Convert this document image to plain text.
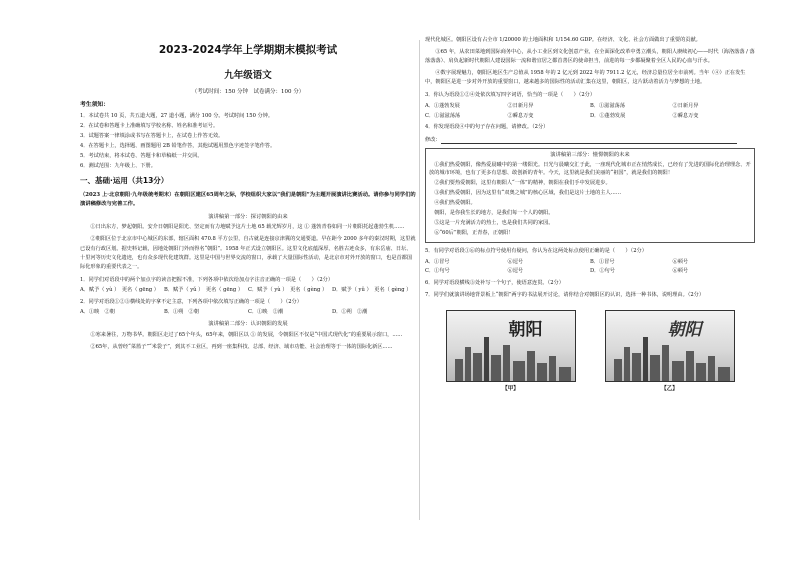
2023-2024学年上学期期末模拟考试
九年级语文
（考试时间：150 分钟　试卷满分：100 分）
考生须知：
1．本试卷共 10 页，共五道大题，27 道小题，满分 100 分。考试时间 150 分钟。
2．在试卷和答题卡上准确填写学校名称、姓名和准考证号。
3．试题答案一律填涂或书写在答题卡上，在试卷上作答无效。
4．在答题卡上，选择题、画图题用 2B 铅笔作答，其他试题用黑色字迹签字笔作答。
5．考试结束，将本试卷、答题卡和草稿纸一并交回。
6．测试范围：九年级上、下册。
一、基础·运用（共13分）
（2023 上·北京朝阳·九年级统考期末）在朝阳区建区65周年之际，学校组织大家以“我们是朝阳”为主题开展演讲比赛活动。请你参与同学们的演讲稿修改与完善工作。
演讲稿第一部分：探讨朝阳的由来
①日出东方，梦起朝阳。安介日朝阳是阳光、坚定而有力地赋予这片土地 65 载光辉岁月，这 ① 蓬勃青春如同一片朝阳托起蓬勃生机……
②朝阳区位于北京市中心城区的东部，辖区面积 470.8 平方公里，自古就是连接京津冀的交通要道。早在距今 2000 多年的秦汉时期，这里就已设有行政区划。据史料记载，因地处朝阳门外而得名“朝阳”。1958 年正式设立朝阳区。这里文化底蕴深厚，名胜古迹众多，有东岳庙、日坛、十里河等历史文化遗迹，也有众多现代化建筑群。这里是中国与世界交流的窗口，承载了大量国际性活动，是北京市对外开放的窗口，也是首都国际化形象的重要代表之一。
1．同学们对语段中的两个加点字的读音把握不准，下列各项中依次给加点字注音正确的一项是（　　）（2分）
A．赋予（ yù ）　更名（ gēng ） B．赋予（ yǔ ）　更名（ gēng ） C．赋予（ yù ）　更名（ gèng ） D．赋予（ yǔ ）　更名（ gèng ）
2．同学对语段①②③横线处的字拿不定主意，下列各项中依次填写正确的一项是（　　）（2分）
A．①映　②朝	B．①朔　②朝	C．①映　②潮	D．①朔　②潮
演讲稿第二部分：认识朝阳的发展
①寒来暑往，万物书华。朝阳区走过了65个年头，65年来，朝阳区以 ① 的发展，令朝阳区不仅是“中国式现代化”的重要展示窗口，......
②65年，从曾经“菜篮子”“米袋子”，到其不工业区，再到一座集科技、总部、经济、域市功能、社会治理等于一体的国际化新区......
现代化城区。朝阳区设有占全市 1/20000 的土地面积和 1/154.60 GDP。在经济、文化、社会方面做出了重要的贡献。
③65 年，从农田菜地到国际商务中心，从小工业区到文化创意产业，在全面深化改革中勇立潮头，朝阳人赓续初心——时代（海洛落落 / 落落落落）、肩负起新时代朝阳人建设国际一流和谐宜居之都首善区的使命担当，前进的每一步都凝聚着全区人民的心血与汗水。
④数字展现魅力，朝阳区地区生产总值从 1958 年的 2 亿元到 2022 年的 7911.2 亿元，经济总量位居全市前列。当年（④）正在发生中，朝阳区是进一步对外开放的重要窗口，越来越多的国际性的活动汇集在这里，朝阳区，这片跃动着活力与梦想的土地。
3．你认为语段①②④处依次填写四字词语，恰当的一项是（　　）（2分）
A．①蓬勃发展	②日新月异	B．①滋滋荡荡	②日新月异
C．①滋滋荡荡	②瞬息万变	D．①蓬勃发展	②瞬息万变
4．你发现语段④中的句子存在问题，请修改。（2分）
修改：
演讲稿第三部分：憧憬朝阳的未来

①我们热爱朝阳，像热爱晨曦中的第一缕阳光。日光与晨曦交汇于此，一座现代化城市正在悄然成长，已经有了先进的国际化治理理念、开放的城市环境，也有了更多有思想、敢创新的青年。今天，这里就是我们美丽的“祖国”，就是我们的朝阳！

②我们要热爱朝阳，这里有朝阳人“一体”的精神，朝阳在我们手中发展进步。

③我们热爱朝阳，因为这里有“双奥之城”的核心区域，我们是这片土地的主人……

④我们热爱朝阳。

朝阳，是你我生长的地方，是我们每一个人的朝阳。

⑤这是一片充满活力的热土，也是我们共同的家园。

⑥“60后”朝阳，正青春，正朝阳！

5．有同学对语段①⑥的标点符号使用有疑问，你认为在这两处标点使用正确的是（　　）（2分）
A．①冒号	⑥逗号	B．①冒号	⑥顿号
C．①句号	⑥逗号	D．①句号	⑥顿号
6．同学对语段横线③处补写一个句子，使语意连贯。（2分）
7．同学们就演讲场地背景板上“朝阳”两字的书法展开讨论，请你结合对朝阳区的认识，选择一种书体，说明理由。（2分）
朝阳
【甲】
朝阳
【乙】
